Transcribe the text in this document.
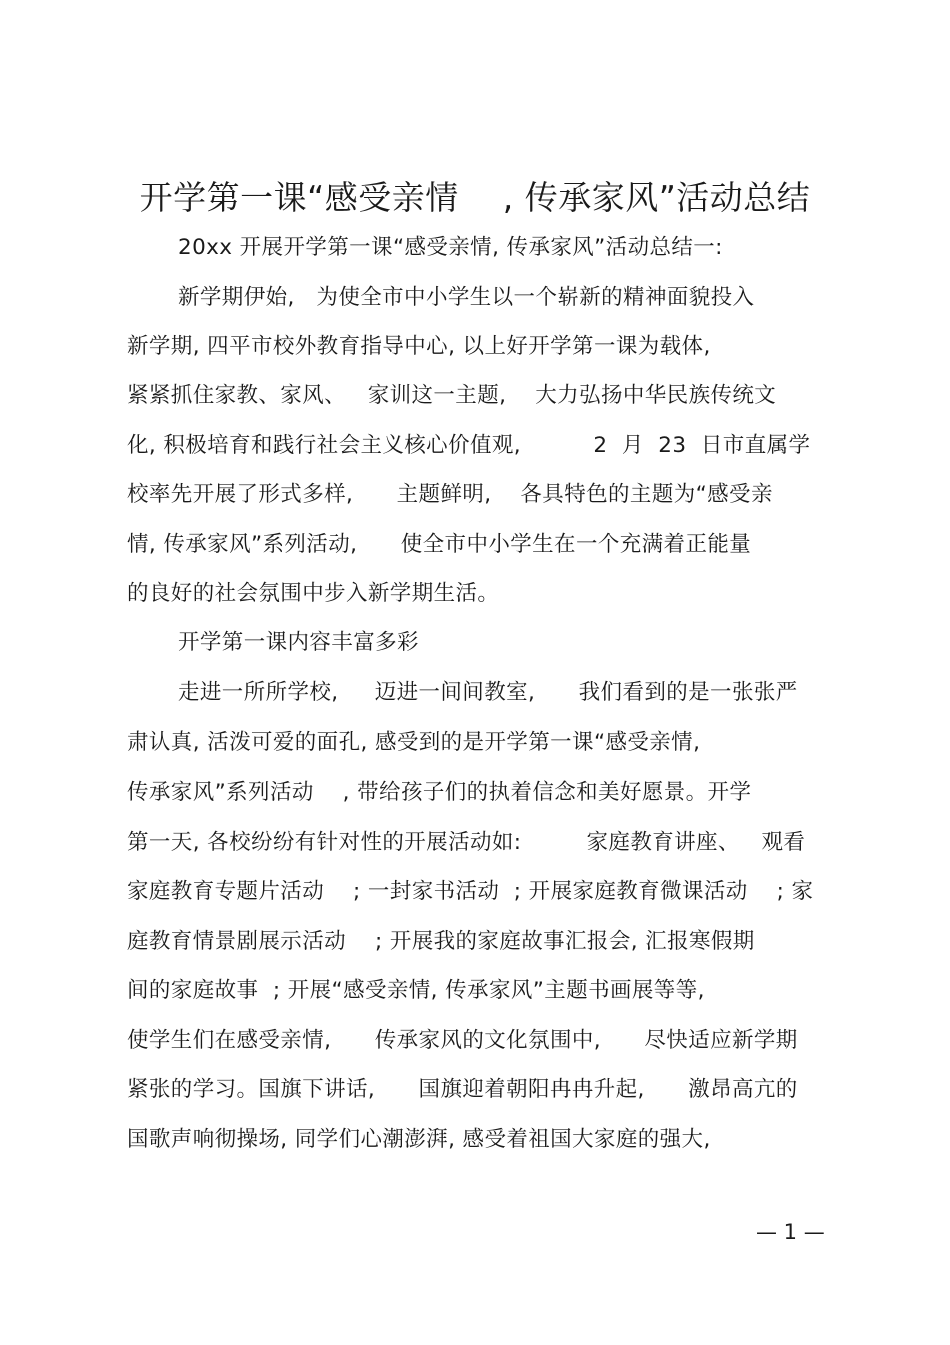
开学第一课“感受亲情    , 传承家风”活动总结
20xx 开展开学第一课“感受亲情, 传承家风”活动总结一:
新学期伊始,   为使全市中小学生以一个崭新的精神面貌投入
新学期, 四平市校外教育指导中心, 以上好开学第一课为载体,
紧紧抓住家教、家风、   家训这一主题,    大力弘扬中华民族传统文
化, 积极培育和践行社会主义核心价值观,          2  月  23  日市直属学
校率先开展了形式多样,      主题鲜明,    各具特色的主题为“感受亲
情, 传承家风”系列活动,      使全市中小学生在一个充满着正能量
的良好的社会氛围中步入新学期生活。
开学第一课内容丰富多彩
走进一所所学校,     迈进一间间教室,      我们看到的是一张张严
肃认真, 活泼可爱的面孔, 感受到的是开学第一课“感受亲情,
传承家风”系列活动    , 带给孩子们的执着信念和美好愿景。开学
第一天, 各校纷纷有针对性的开展活动如:         家庭教育讲座、   观看
家庭教育专题片活动    ; 一封家书活动  ; 开展家庭教育微课活动    ; 家
庭教育情景剧展示活动    ; 开展我的家庭故事汇报会, 汇报寒假期
间的家庭故事  ; 开展“感受亲情, 传承家风”主题书画展等等,
使学生们在感受亲情,      传承家风的文化氛围中,      尽快适应新学期
紧张的学习。国旗下讲话,      国旗迎着朝阳冉冉升起,      激昂高亢的
国歌声响彻操场, 同学们心潮澎湃, 感受着祖国大家庭的强大,
— 1 —
